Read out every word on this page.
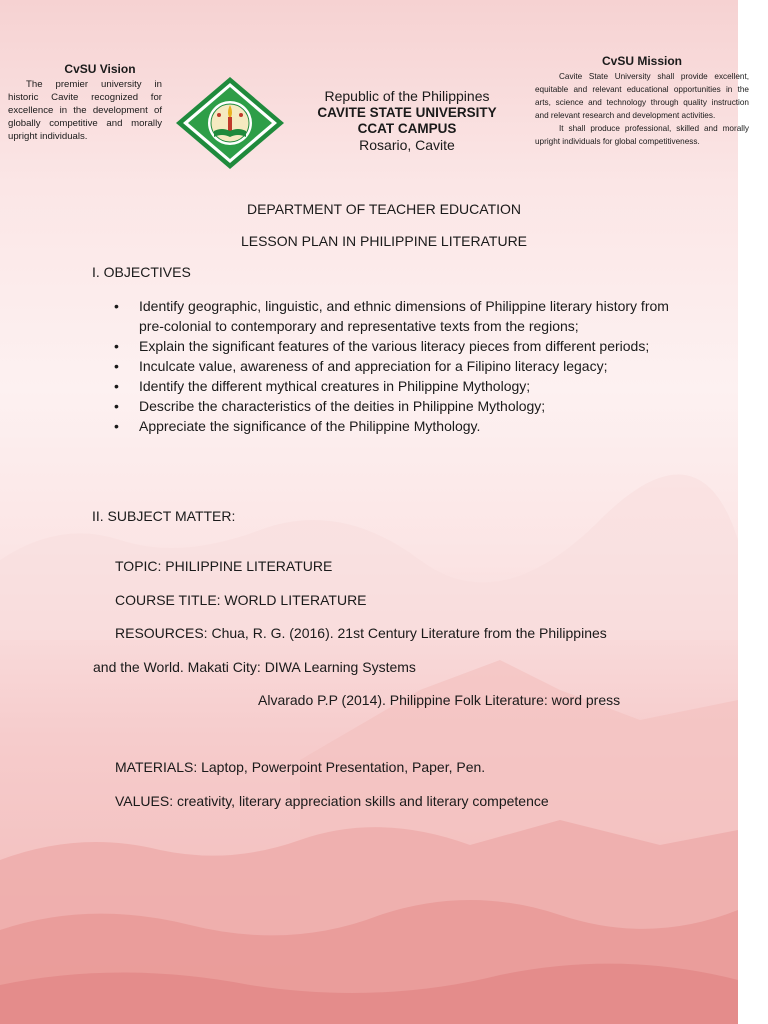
CvSU Vision
The premier university in historic Cavite recognized for excellence in the development of globally competitive and morally upright individuals.
Republic of the Philippines
CAVITE STATE UNIVERSITY
CCAT CAMPUS
Rosario, Cavite
CvSU Mission

Cavite State University shall provide excellent, equitable and relevant educational opportunities in the arts, science and technology through quality instruction and relevant research and development activities.

It shall produce professional, skilled and morally upright individuals for global competitiveness.

DEPARTMENT OF TEACHER EDUCATION
LESSON PLAN IN PHILIPPINE LITERATURE
I. OBJECTIVES
• Identify geographic, linguistic, and ethnic dimensions of Philippine literary history from pre-colonial to contemporary and representative texts from the regions;
• Explain the significant features of the various literacy pieces from different periods;
• Inculcate value, awareness of and appreciation for a Filipino literacy legacy;
• Identify the different mythical creatures in Philippine Mythology;
• Describe the characteristics of the deities in Philippine Mythology;
• Appreciate the significance of the Philippine Mythology.
II. SUBJECT MATTER:
TOPIC: PHILIPPINE LITERATURE
COURSE TITLE: WORLD LITERATURE
RESOURCES: Chua, R. G. (2016). 21st Century Literature from the Philippines
and the World. Makati City: DIWA Learning Systems
Alvarado P.P (2014). Philippine Folk Literature: word press
MATERIALS: Laptop, Powerpoint Presentation, Paper, Pen.
VALUES: creativity, literary appreciation skills and literary competence
